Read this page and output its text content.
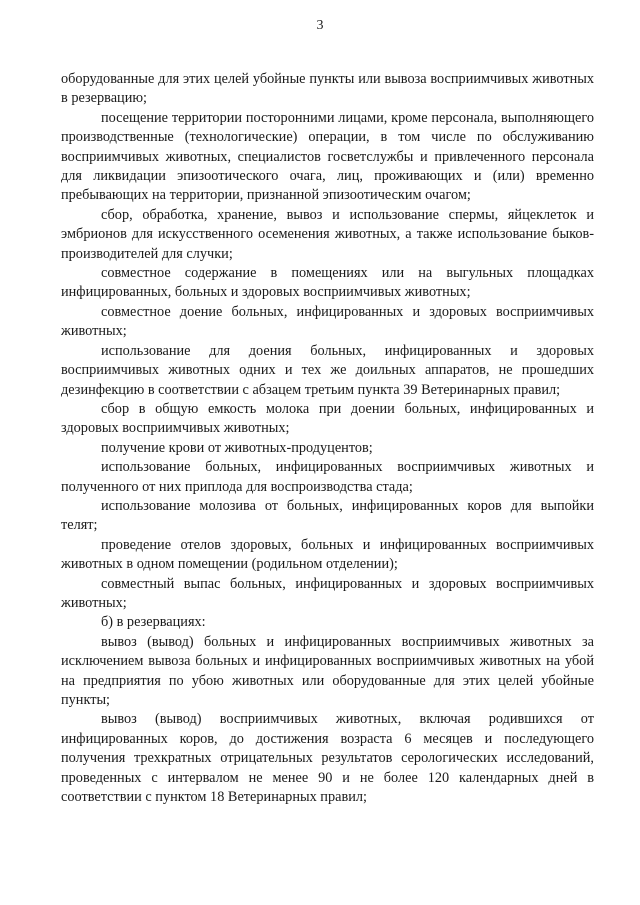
3

оборудованные для этих целей убойные пункты или вывоза восприимчивых животных в резервацию;

посещение территории посторонними лицами, кроме персонала, выполняющего производственные (технологические) операции, в том числе по обслуживанию восприимчивых животных, специалистов госветслужбы и привлеченного персонала для ликвидации эпизоотического очага, лиц, проживающих и (или) временно пребывающих на территории, признанной эпизоотическим очагом;

сбор, обработка, хранение, вывоз и использование спермы, яйцеклеток и эмбрионов для искусственного осеменения животных, а также использование быков-производителей для случки;

совместное содержание в помещениях или на выгульных площадках инфицированных, больных и здоровых восприимчивых животных;

совместное доение больных, инфицированных и здоровых восприимчивых животных;

использование для доения больных, инфицированных и здоровых восприимчивых животных одних и тех же доильных аппаратов, не прошедших дезинфекцию в соответствии с абзацем третьим пункта 39 Ветеринарных правил;

сбор в общую емкость молока при доении больных, инфицированных и здоровых восприимчивых животных;

получение крови от животных-продуцентов;

использование больных, инфицированных восприимчивых животных и полученного от них приплода для воспроизводства стада;

использование молозива от больных, инфицированных коров для выпойки телят;

проведение отелов здоровых, больных и инфицированных восприимчивых животных в одном помещении (родильном отделении);

совместный выпас больных, инфицированных и здоровых восприимчивых животных;

б) в резервациях:

вывоз (вывод) больных и инфицированных восприимчивых животных за исключением вывоза больных и инфицированных восприимчивых животных на убой на предприятия по убою животных или оборудованные для этих целей убойные пункты;

вывоз (вывод) восприимчивых животных, включая родившихся от инфицированных коров, до достижения возраста 6 месяцев и последующего получения трехкратных отрицательных результатов серологических исследований, проведенных с интервалом не менее 90 и не более 120 календарных дней в соответствии с пунктом 18 Ветеринарных правил;
